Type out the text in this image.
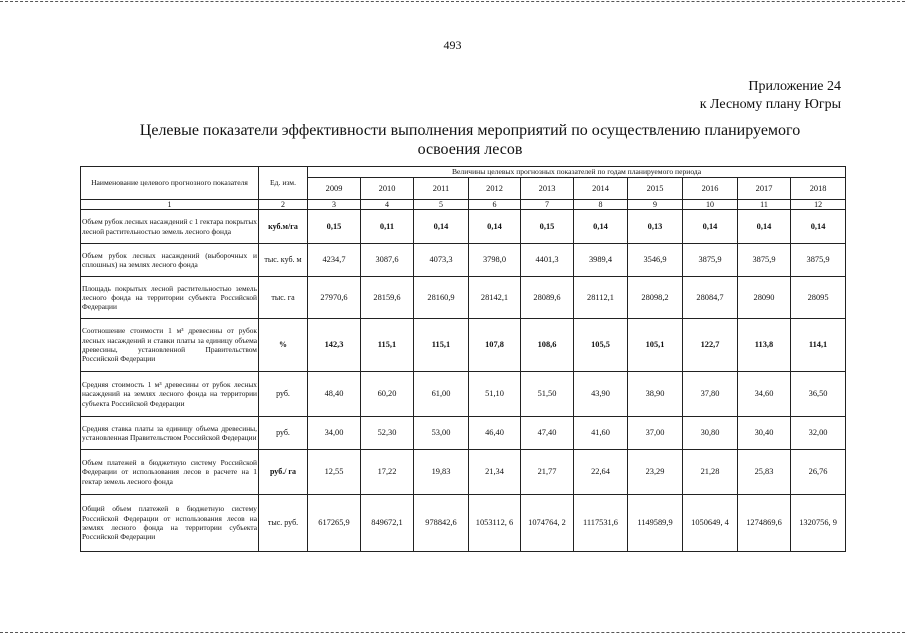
493
Приложение 24
к Лесному плану Югры
Целевые показатели эффективности выполнения мероприятий по осуществлению планируемого
освоения лесов
Наименование целевого прогнозного показателя	Ед. изм.	Величины целевых прогнозных показателей по годам планируемого периода									
		2009	2010	2011	2012	2013	2014	2015	2016	2017	2018
1	2	3	4	5	6	7	8	9	10	11	12
Объем рубок лесных насаждений с 1 гектара покрытых лесной растительностью земель лесного фонда	куб.м/га	0,15	0,11	0,14	0,14	0,15	0,14	0,13	0,14	0,14	0,14
Объем рубок лесных насаждений (выборочных и сплошных) на землях лесного фонда	тыс. куб. м	4234,7	3087,6	4073,3	3798,0	4401,3	3989,4	3546,9	3875,9	3875,9	3875,9
Площадь покрытых лесной растительностью земель лесного фонда на территории субъекта Российской Федерации	тыс. га	27970,6	28159,6	28160,9	28142,1	28089,6	28112,1	28098,2	28084,7	28090	28095
Соотношение стоимости 1 м³ древесины от рубок лесных насаждений и ставки платы за единицу объема древесины, установленной Правительством Российской Федерации	%	142,3	115,1	115,1	107,8	108,6	105,5	105,1	122,7	113,8	114,1
Средняя стоимость 1 м³ древесины от рубок лесных насаждений на землях лесного фонда на территории субъекта Российской Федерации	руб.	48,40	60,20	61,00	51,10	51,50	43,90	38,90	37,80	34,60	36,50
Средняя ставка платы за единицу объема древесины, установленная Правительством Российской Федерации	руб.	34,00	52,30	53,00	46,40	47,40	41,60	37,00	30,80	30,40	32,00
Объем платежей в бюджетную систему Российской Федерации от использования лесов в расчете на 1 гектар земель лесного фонда	руб./ га	12,55	17,22	19,83	21,34	21,77	22,64	23,29	21,28	25,83	26,76
Общий объем платежей в бюджетную систему Российской Федерации от использования лесов на землях лесного фонда на территории субъекта Российской Федерации	тыс. руб.	617265,9	849672,1	978842,6	1053112, 6	1074764, 2	1117531,6	1149589,9	1050649, 4	1274869,6	1320756, 9
